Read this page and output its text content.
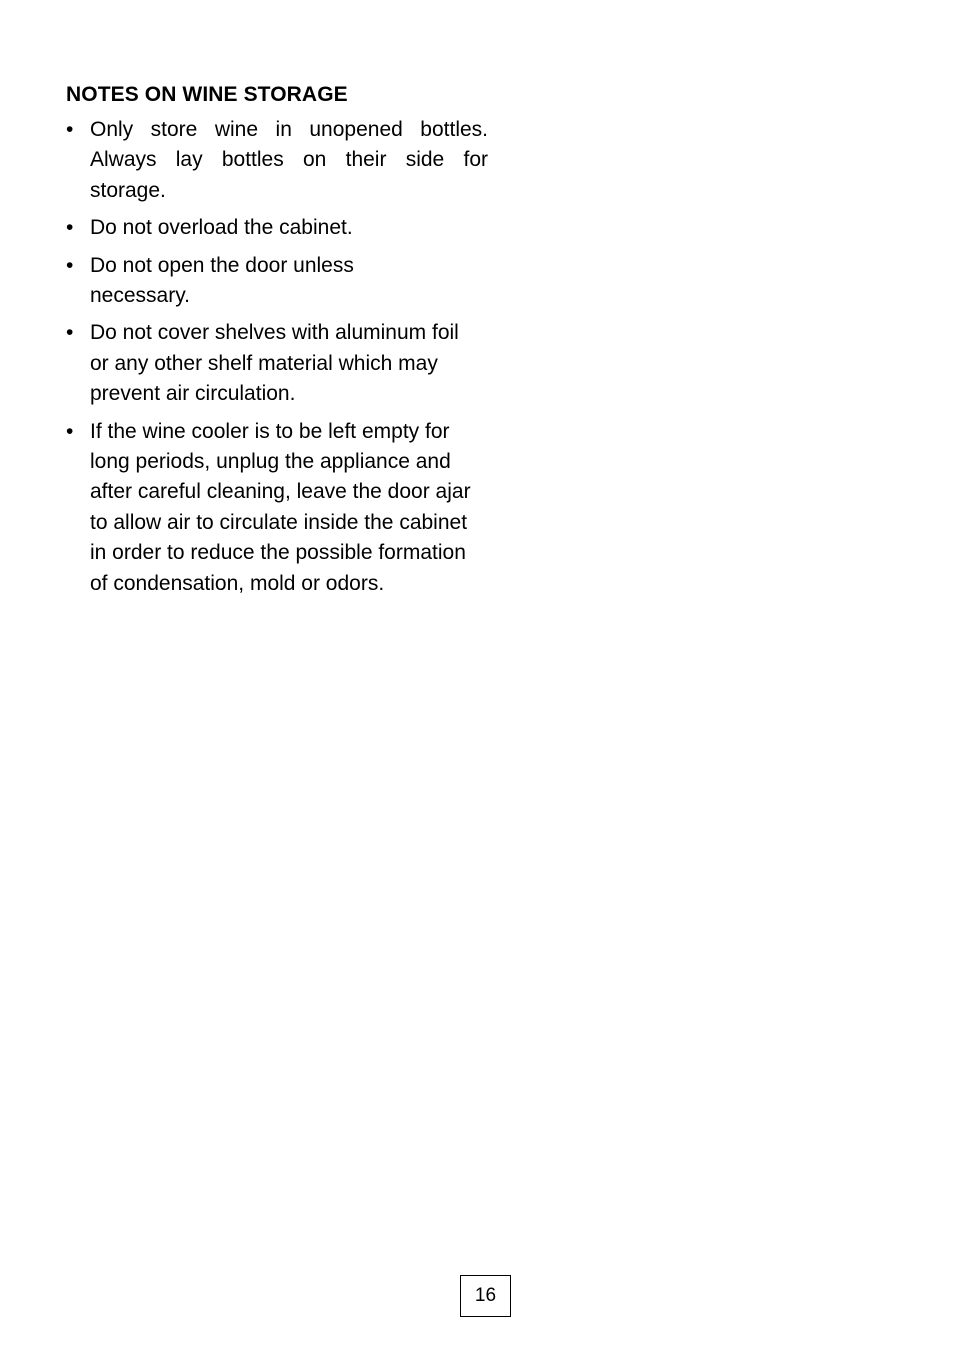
NOTES ON WINE STORAGE
• Only store wine in unopened bottles. Always lay bottles on their side for storage.
• Do not overload the cabinet.
• Do not open the door unless necessary.
• Do not cover shelves with aluminum foil or any other shelf material which may prevent air circulation.
• If the wine cooler is to be left empty for long periods, unplug the appliance and after careful cleaning, leave the door ajar to allow air to circulate inside the cabinet in order to reduce the possible formation of condensation, mold or odors.
16
